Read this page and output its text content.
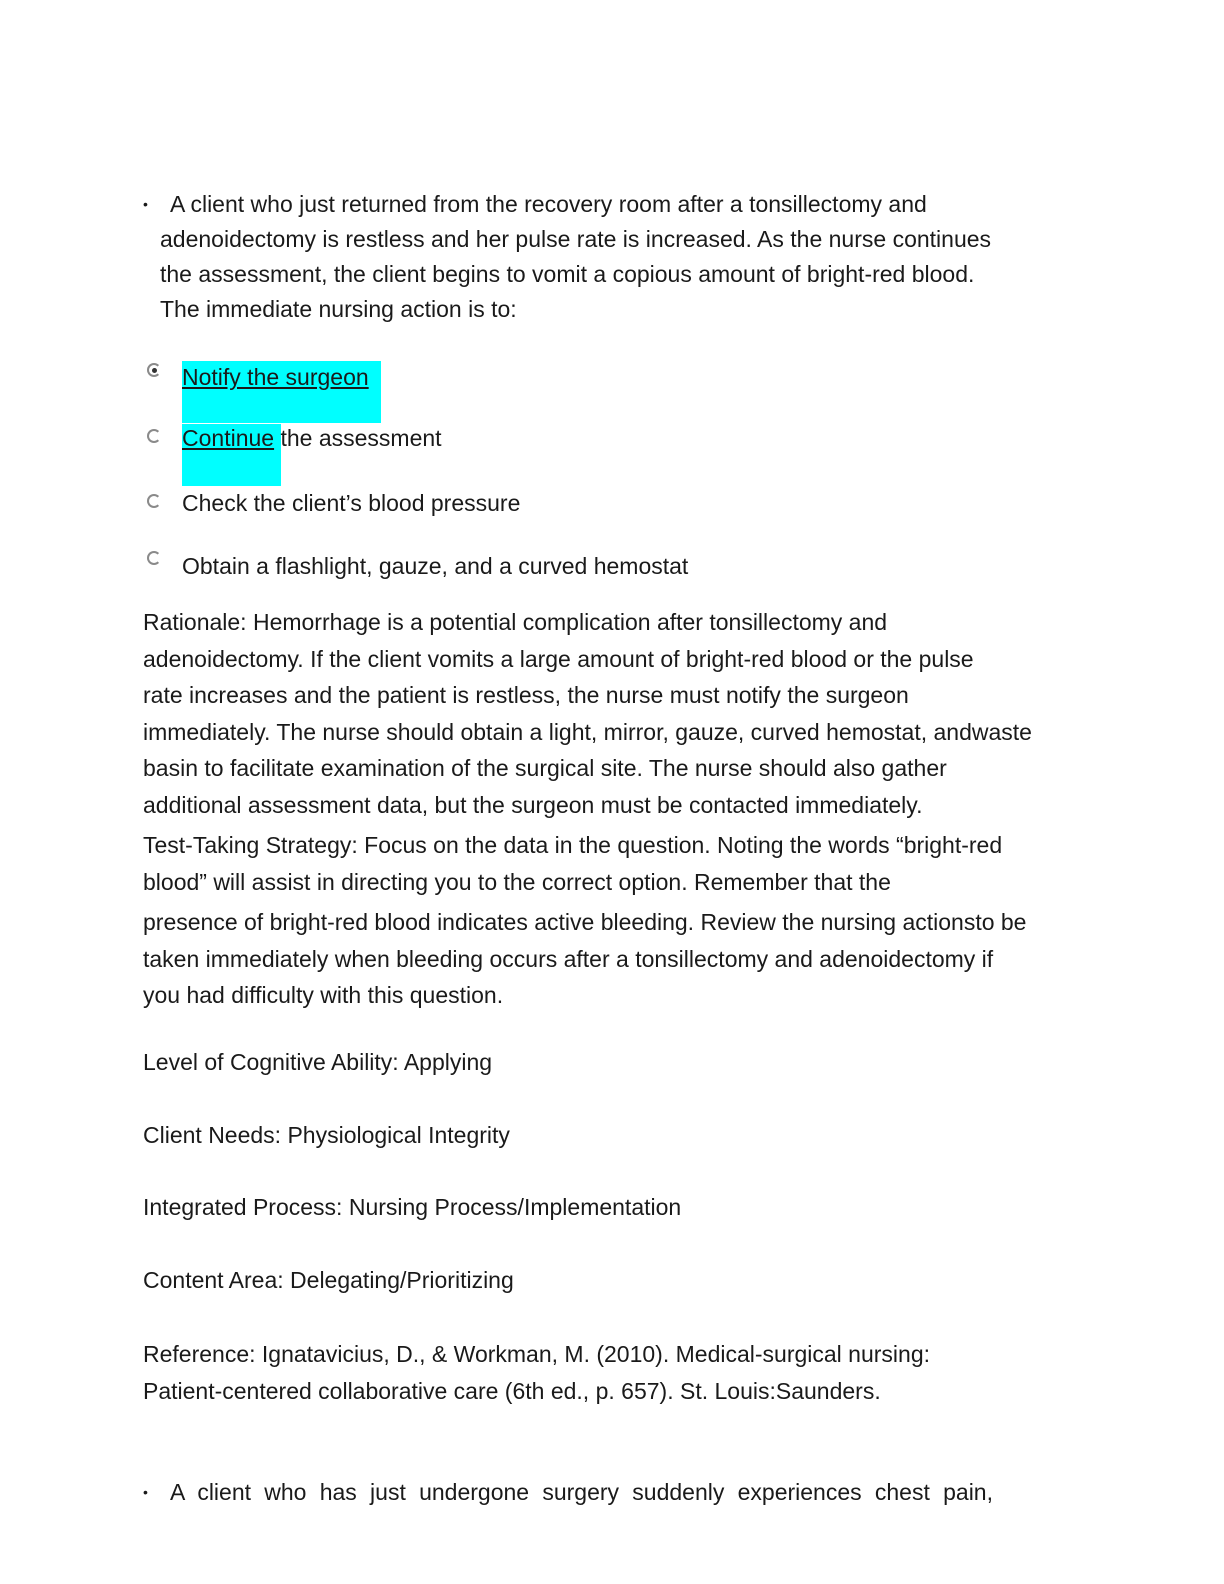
• A client who just returned from the recovery room after a tonsillectomy and
adenoidectomy is restless and her pulse rate is increased. As the nurse continues
the assessment, the client begins to vomit a copious amount of bright-red blood.
The immediate nursing action is to:
Notify the surgeon
Continue the assessment
Check the client’s blood pressure
Obtain a flashlight, gauze, and a curved hemostat
Rationale: Hemorrhage is a potential complication after tonsillectomy and
adenoidectomy. If the client vomits a large amount of bright-red blood or the pulse
rate increases and the patient is restless, the nurse must notify the surgeon
immediately. The nurse should obtain a light, mirror, gauze, curved hemostat, andwaste
basin to facilitate examination of the surgical site. The nurse should also gather
additional assessment data, but the surgeon must be contacted immediately.
Test-Taking Strategy: Focus on the data in the question. Noting the words “bright-red
blood” will assist in directing you to the correct option. Remember that the
presence of bright-red blood indicates active bleeding. Review the nursing actionsto be
taken immediately when bleeding occurs after a tonsillectomy and adenoidectomy if
you had difficulty with this question.
Level of Cognitive Ability: Applying
Client Needs: Physiological Integrity
Integrated Process: Nursing Process/Implementation
Content Area: Delegating/Prioritizing
Reference: Ignatavicius, D., & Workman, M. (2010). Medical-surgical nursing:
Patient-centered collaborative care (6th ed., p. 657). St. Louis:Saunders.
• A client who has just undergone surgery suddenly experiences chest pain,
